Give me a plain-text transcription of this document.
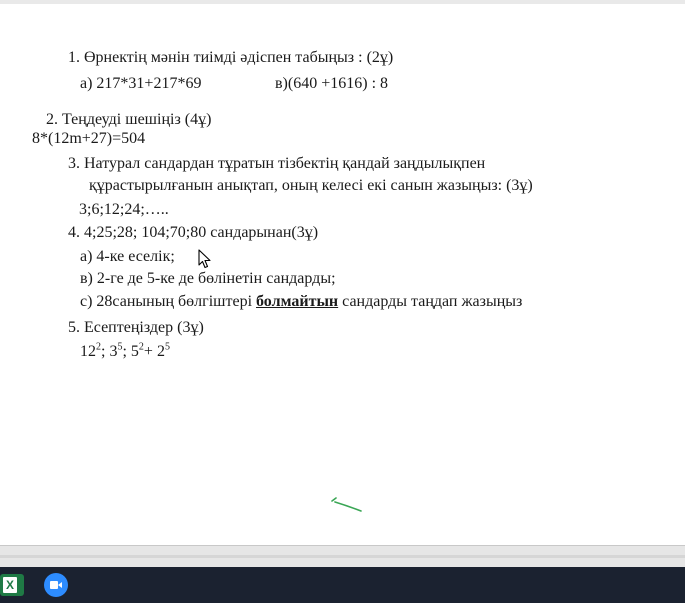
1. Өрнектің мәнін тиімді әдіспен табыңыз : (2ұ)
а) 217*31+217*69	в)(640 +1616) : 8
2. Теңдеуді шешіңіз (4ұ)
8*(12m+27)=504
3. Натурал сандардан тұратын тізбектің қандай заңдылықпен
құрастырылғанын анықтап, оның келесі екі санын жазыңыз: (3ұ)
3;6;12;24;…..
4. 4;25;28; 104;70;80 сандарынан(3ұ)
а) 4-ке еселік;
в) 2-ге де 5-ке де бөлінетін сандарды;
с) 28санының бөлгіштері болмайтын сандарды таңдап жазыңыз
5. Есептеңіздер (3ұ)
$12^2$; $3^5$; $5^2+ 2^5$
X
